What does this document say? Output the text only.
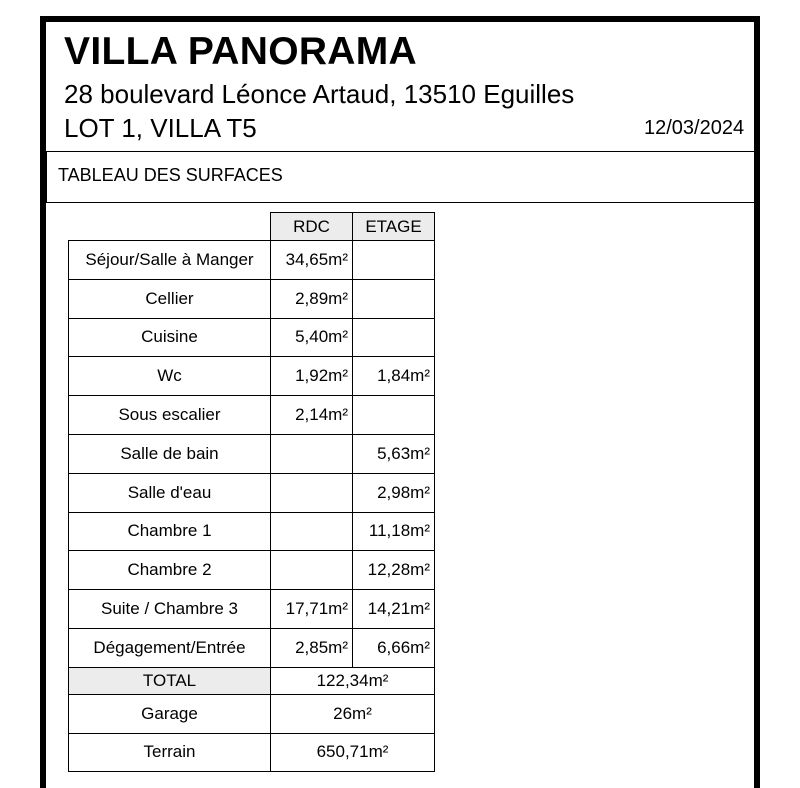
VILLA PANORAMA
28 boulevard Léonce Artaud, 13510 Eguilles
LOT 1, VILLA T5	12/03/2024
TABLEAU DES SURFACES
	RDC	ETAGE
Séjour/Salle à Manger	34,65m²	
Cellier	2,89m²	
Cuisine	5,40m²	
Wc	1,92m²	1,84m²
Sous escalier	2,14m²	
Salle de bain		5,63m²
Salle d'eau		2,98m²
Chambre 1		11,18m²
Chambre 2		12,28m²
Suite / Chambre 3	17,71m²	14,21m²
Dégagement/Entrée	2,85m²	6,66m²
TOTAL	122,34m²	
Garage	26m²	
Terrain	650,71m²	
